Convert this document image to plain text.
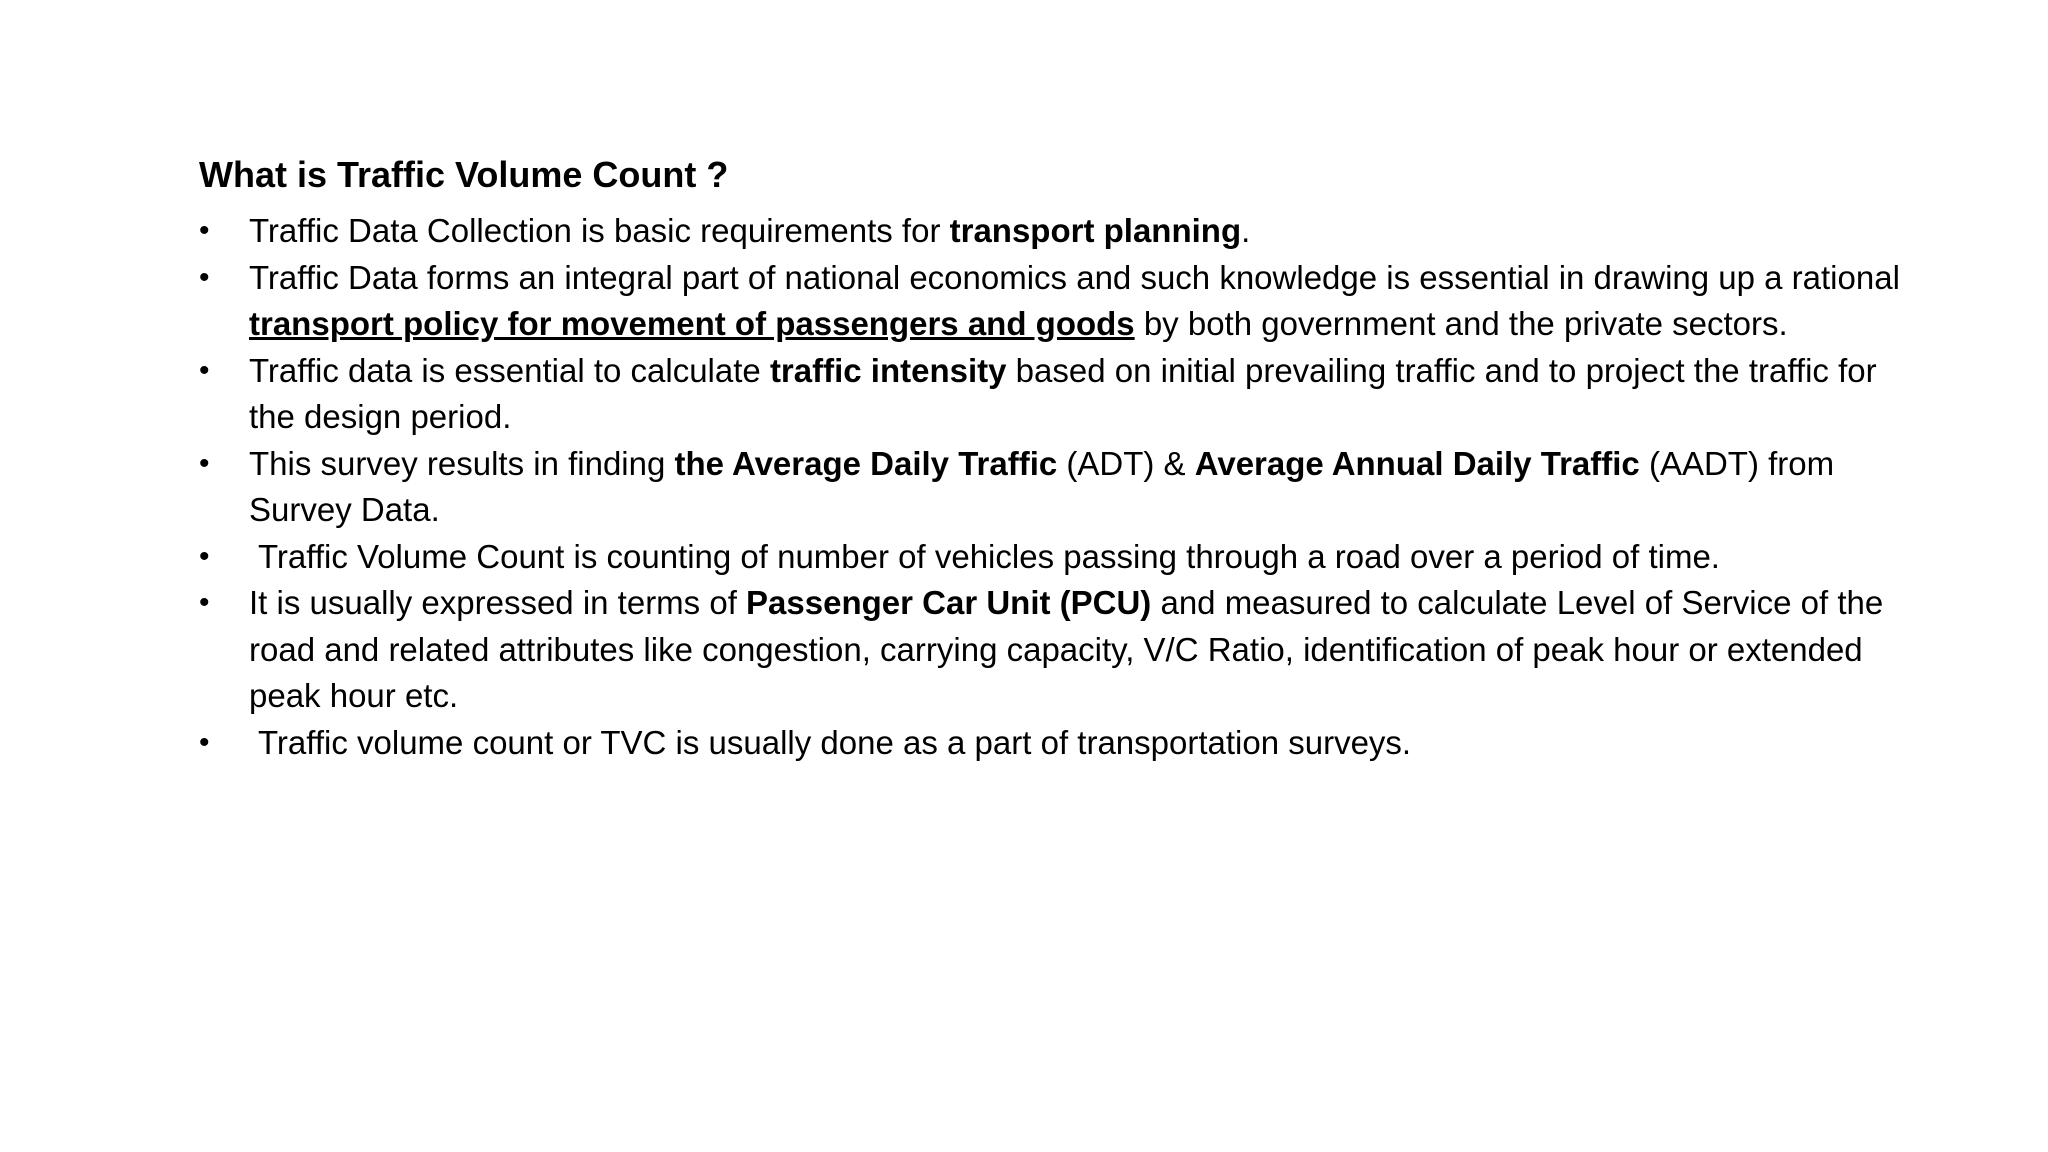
What is Traffic Volume Count ?
• Traffic Data Collection is basic requirements for transport planning.
• Traffic Data forms an integral part of national economics and such knowledge is essential in drawing up a rational transport policy for movement of passengers and goods by both government and the private sectors.
• Traffic data is essential to calculate traffic intensity based on initial prevailing traffic and to project the traffic for the design period.
• This survey results in finding the Average Daily Traffic (ADT) & Average Annual Daily Traffic (AADT) from Survey Data.
• Traffic Volume Count is counting of number of vehicles passing through a road over a period of time.
• It is usually expressed in terms of Passenger Car Unit (PCU) and measured to calculate Level of Service of the road and related attributes like congestion, carrying capacity, V/C Ratio, identification of peak hour or extended peak hour etc.
• Traffic volume count or TVC is usually done as a part of transportation surveys.
